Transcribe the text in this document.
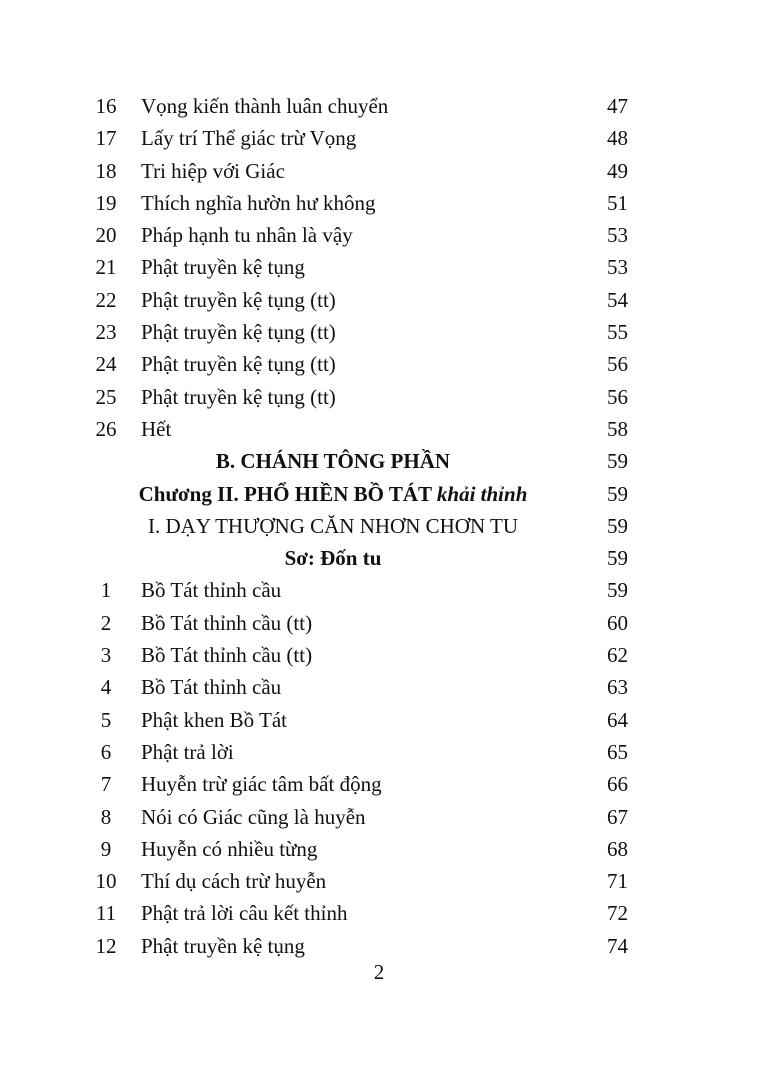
16	Vọng kiến thành luân chuyển	47
17	Lấy trí Thể giác trừ Vọng	48
18	Tri hiệp với Giác	49
19	Thích nghĩa hườn hư không	51
20	Pháp hạnh tu nhân là vậy	53
21	Phật truyền kệ tụng	53
22	Phật truyền kệ tụng (tt)	54
23	Phật truyền kệ tụng (tt)	55
24	Phật truyền kệ tụng (tt)	56
25	Phật truyền kệ tụng (tt)	56
26	Hết	58
B. CHÁNH TÔNG PHẦN	59
Chương II. PHỔ HIỀN BỒ TÁT khải thỉnh	59
I. DẠY THƯỢNG CĂN NHƠN CHƠN TU	59
Sơ: Đốn tu	59
1	Bồ Tát thỉnh cầu	59
2	Bồ Tát thỉnh cầu (tt)	60
3	Bồ Tát thỉnh cầu (tt)	62
4	Bồ Tát thỉnh cầu	63
5	Phật khen Bồ Tát	64
6	Phật trả lời	65
7	Huyễn trừ giác tâm bất động	66
8	Nói có Giác cũng là huyễn	67
9	Huyễn có nhiều từng	68
10	Thí dụ cách trừ huyễn	71
11	Phật trả lời câu kết thỉnh	72
12	Phật truyền kệ tụng	74
2
